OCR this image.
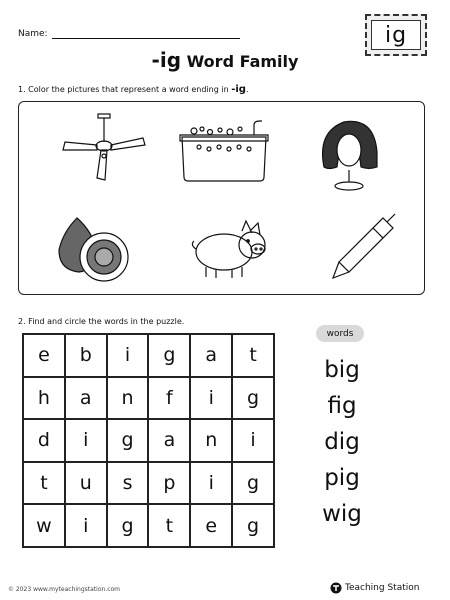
Name:	ig
-ig Word Family
1. Color the pictures that represent a word ending in -ig.
2. Find and circle the words in the puzzle.
e	b	i	g	a	t
h	a	n	f	i	g
d	i	g	a	n	i
t	u	s	p	i	g
w	i	g	t	e	g
words
big
fig
dig
pig
wig
© 2023 www.myteachingstation.com	Teaching Station
